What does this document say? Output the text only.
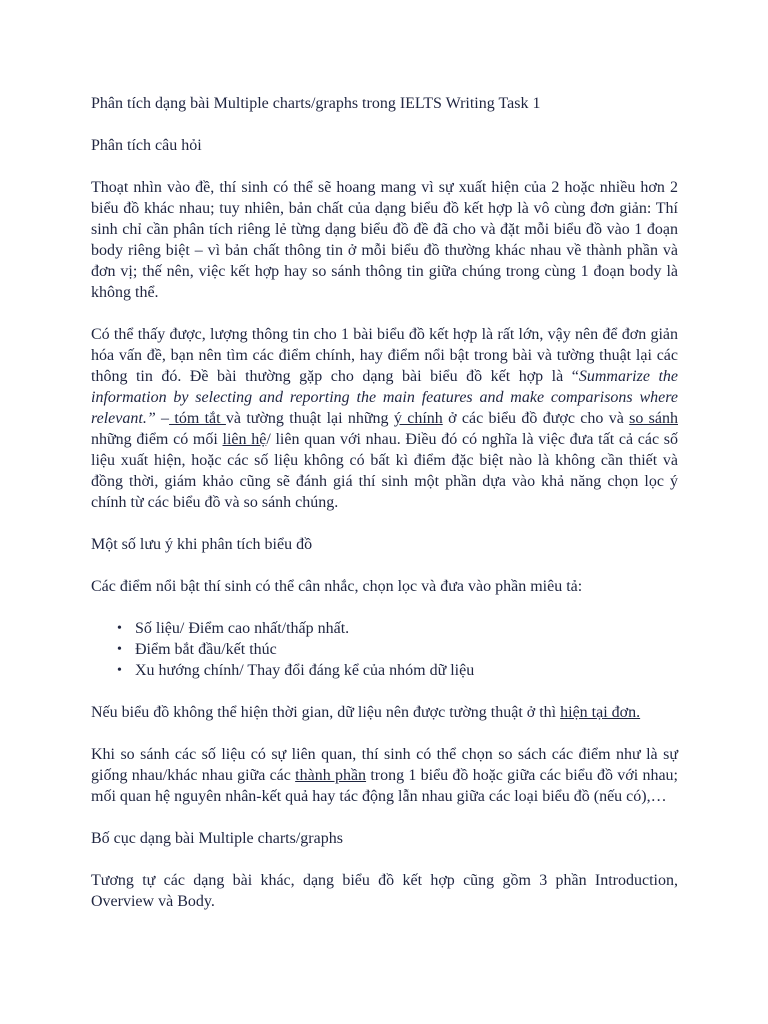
Phân tích dạng bài Multiple charts/graphs trong IELTS Writing Task 1

Phân tích câu hỏi

Thoạt nhìn vào đề, thí sinh có thể sẽ hoang mang vì sự xuất hiện của 2 hoặc nhiều hơn 2 biểu đồ khác nhau; tuy nhiên, bản chất của dạng biểu đồ kết hợp là vô cùng đơn giản: Thí sinh chỉ cần phân tích riêng lẻ từng dạng biểu đồ đề đã cho và đặt mỗi biểu đồ vào 1 đoạn body riêng biệt – vì bản chất thông tin ở mỗi biểu đồ thường khác nhau về thành phần và đơn vị; thế nên, việc kết hợp hay so sánh thông tin giữa chúng trong cùng 1 đoạn body là không thể.

Có thể thấy được, lượng thông tin cho 1 bài biểu đồ kết hợp là rất lớn, vậy nên để đơn giản hóa vấn đề, bạn nên tìm các điểm chính, hay điểm nổi bật trong bài và tường thuật lại các thông tin đó. Đề bài thường gặp cho dạng bài biểu đồ kết hợp là “Summarize the information by selecting and reporting the main features and make comparisons where relevant.” – tóm tắt và tường thuật lại những ý chính ở các biểu đồ được cho và so sánh những điểm có mối liên hệ/ liên quan với nhau. Điều đó có nghĩa là việc đưa tất cả các số liệu xuất hiện, hoặc các số liệu không có bất kì điểm đặc biệt nào là không cần thiết và đồng thời, giám khảo cũng sẽ đánh giá thí sinh một phần dựa vào khả năng chọn lọc ý chính từ các biểu đồ và so sánh chúng.

Một số lưu ý khi phân tích biểu đồ

Các điểm nổi bật thí sinh có thể cân nhắc, chọn lọc và đưa vào phần miêu tả:

• Số liệu/ Điểm cao nhất/thấp nhất.
• Điểm bắt đầu/kết thúc
• Xu hướng chính/ Thay đổi đáng kể của nhóm dữ liệu

Nếu biểu đồ không thể hiện thời gian, dữ liệu nên được tường thuật ở thì hiện tại đơn.

Khi so sánh các số liệu có sự liên quan, thí sinh có thể chọn so sách các điểm như là sự giống nhau/khác nhau giữa các thành phần trong 1 biểu đồ hoặc giữa các biểu đồ với nhau; mối quan hệ nguyên nhân-kết quả hay tác động lẫn nhau giữa các loại biểu đồ (nếu có),…

Bố cục dạng bài Multiple charts/graphs

Tương tự các dạng bài khác, dạng biểu đồ kết hợp cũng gồm 3 phần Introduction, Overview và Body.
